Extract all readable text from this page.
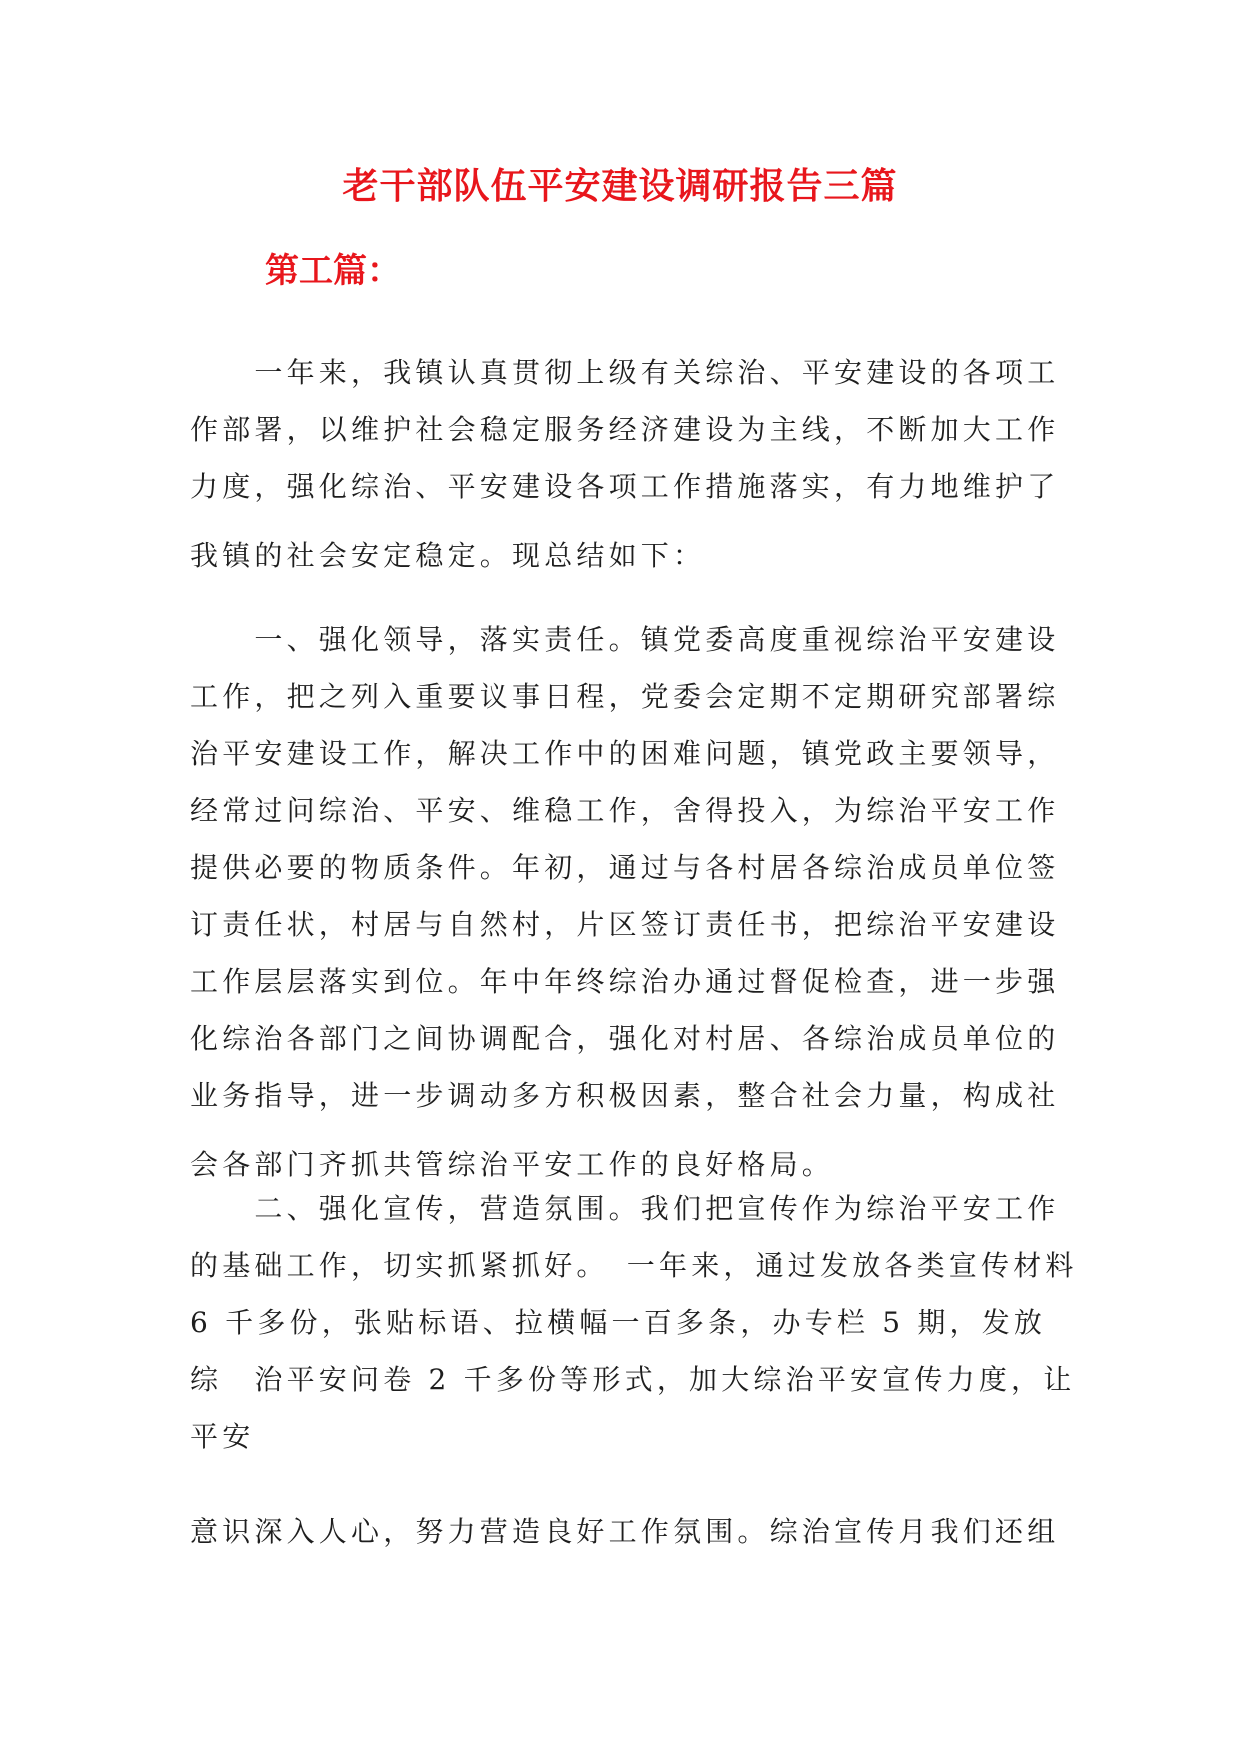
老干部队伍平安建设调研报告三篇
第工篇：
　　一年来，我镇认真贯彻上级有关综治、平安建设的各项工
作部署，以维护社会稳定服务经济建设为主线，不断加大工作
力度，强化综治、平安建设各项工作措施落实，有力地维护了
我镇的社会安定稳定。现总结如下：
　　一、强化领导，落实责任。镇党委高度重视综治平安建设
工作，把之列入重要议事日程，党委会定期不定期研究部署综
治平安建设工作，解决工作中的困难问题，镇党政主要领导，
经常过问综治、平安、维稳工作，舍得投入，为综治平安工作
提供必要的物质条件。年初，通过与各村居各综治成员单位签
订责任状，村居与自然村，片区签订责任书，把综治平安建设
工作层层落实到位。年中年终综治办通过督促检查，进一步强
化综治各部门之间协调配合，强化对村居、各综治成员单位的
业务指导，进一步调动多方积极因素，整合社会力量，构成社
会各部门齐抓共管综治平安工作的良好格局。
　　二、强化宣传，营造氛围。我们把宣传作为综治平安工作
的基础工作，切实抓紧抓好。　一年来，通过发放各类宣传材料
6 千多份，张贴标语、拉横幅一百多条，办专栏 5 期，发放
综　治平安问卷 2 千多份等形式，加大综治平安宣传力度，让
平安
意识深入人心，努力营造良好工作氛围。综治宣传月我们还组
